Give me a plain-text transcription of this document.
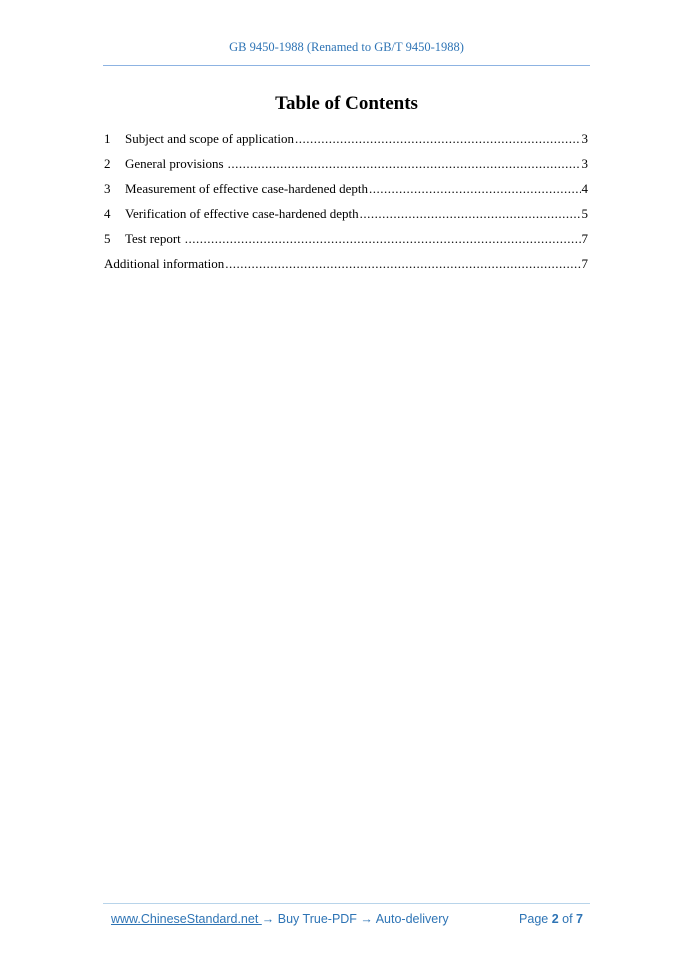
GB 9450-1988 (Renamed to GB/T 9450-1988)
Table of Contents
1	Subject and scope of application .....	3
2	General provisions .....	3
3	Measurement of effective case-hardened depth .....	4
4	Verification of effective case-hardened depth .....	5
5	Test report .....	7
Additional information .....	7
www.ChineseStandard.net → Buy True-PDF → Auto-delivery	Page 2 of 7
